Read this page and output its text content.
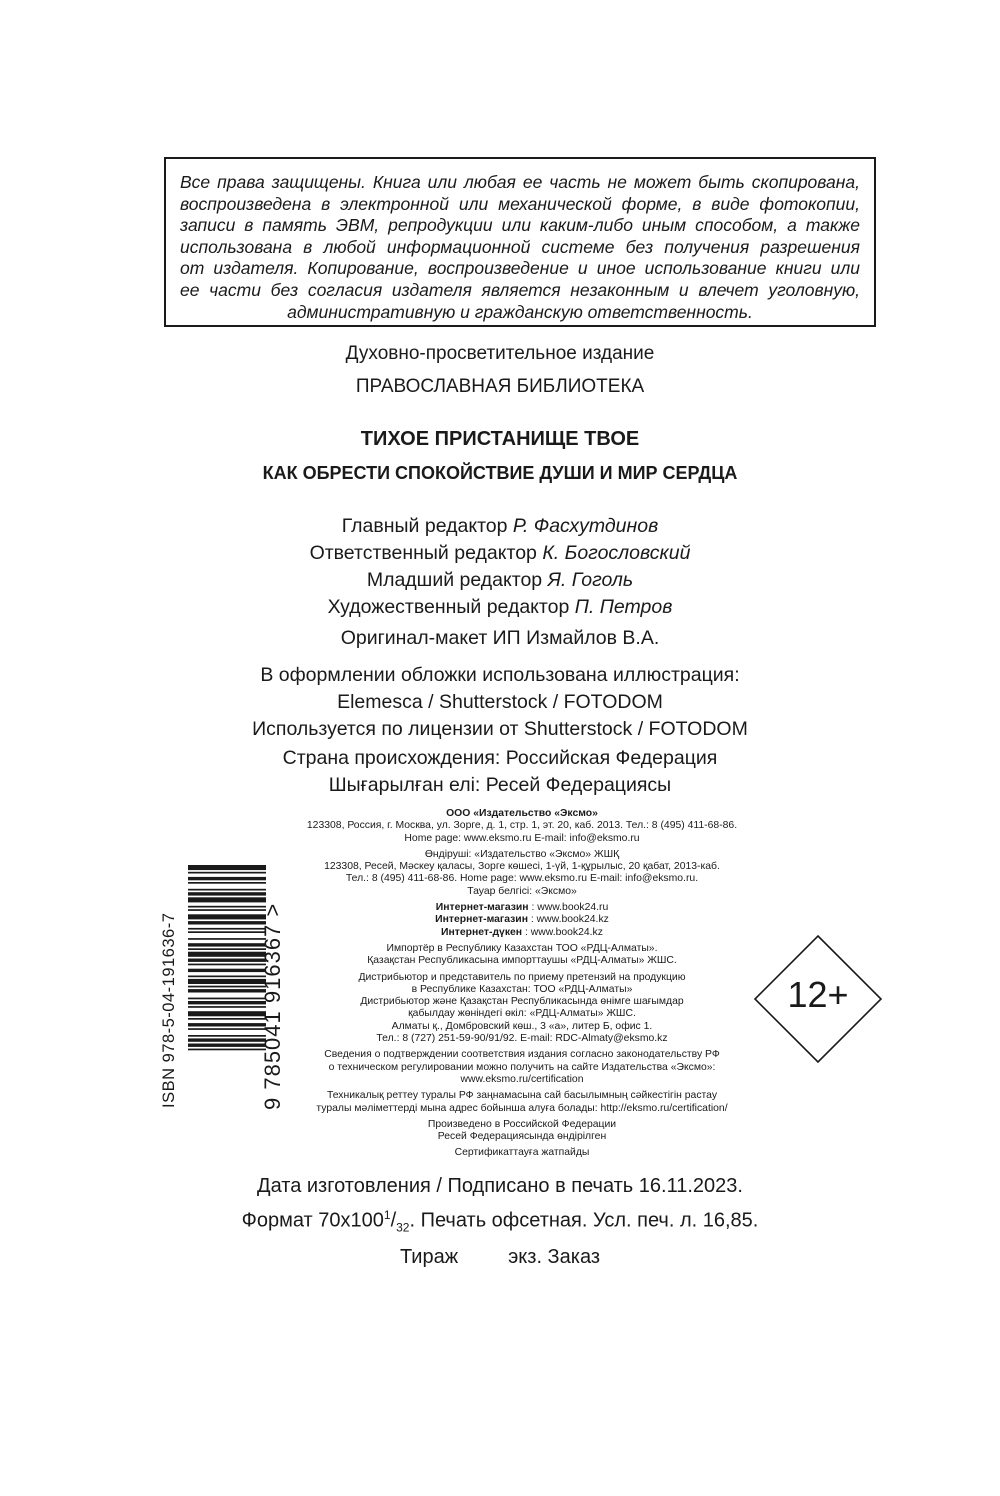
Все права защищены. Книга или любая ее часть не может быть скопирована,
воспроизведена в электронной или механической форме, в виде фотокопии,
записи в память ЭВМ, репродукции или каким-либо иным способом, а также
использована в любой информационной системе без получения разрешения
от издателя. Копирование, воспроизведение и иное использование книги или
ее части без согласия издателя является незаконным и влечет уголовную,
административную и гражданскую ответственность.
Духовно-просветительное издание
ПРАВОСЛАВНАЯ БИБЛИОТЕКА
ТИХОЕ ПРИСТАНИЩЕ ТВОЕ
КАК ОБРЕСТИ СПОКОЙСТВИЕ ДУШИ И МИР СЕРДЦА
Главный редактор Р. Фасхутдинов
Ответственный редактор К. Богословский
Младший редактор Я. Гоголь
Художественный редактор П. Петров
Оригинал-макет ИП Измайлов В.А.
В оформлении обложки использована иллюстрация:
Elemesca / Shutterstock / FOTODOM
Используется по лицензии от Shutterstock / FOTODOM
Страна происхождения: Российская Федерация
Шығарылған елі: Ресей Федерациясы
ООО «Издательство «Эксмо»
123308, Россия, г. Москва, ул. Зорге, д. 1, стр. 1, эт. 20, каб. 2013. Тел.: 8 (495) 411-68-86.
Home page: www.eksmo.ru E-mail: info@eksmo.ru
Өндіруші: «Издательство «Эксмо» ЖШҚ
123308, Ресей, Мәскеу қаласы, Зорге көшесі, 1-үй, 1-құрылыс, 20 қабат, 2013-каб.
Тел.: 8 (495) 411-68-86. Home page: www.eksmo.ru E-mail: info@eksmo.ru.
Тауар белгісі: «Эксмо»
Интернет-магазин : www.book24.ru
Интернет-магазин : www.book24.kz
Интернет-дүкен : www.book24.kz
Импортёр в Республику Казахстан ТОО «РДЦ-Алматы».
Қазақстан Республикасына импорттаушы «РДЦ-Алматы» ЖШС.
Дистрибьютор и представитель по приему претензий на продукцию
в Республике Казахстан: ТОО «РДЦ-Алматы»
Дистрибьютор және Қазақстан Республикасында өнімге шағымдар
қабылдау жөніндегі өкіл: «РДЦ-Алматы» ЖШС.
Алматы қ., Домбровский көш., 3 «а», литер Б, офис 1.
Тел.: 8 (727) 251-59-90/91/92. E-mail: RDC-Almaty@eksmo.kz
Сведения о подтверждении соответствия издания согласно законодательству РФ
о техническом регулировании можно получить на сайте Издательства «Эксмо»:
www.eksmo.ru/certification
Техникалық реттеу туралы РФ заңнамасына сай басылымның сәйкестігін растау
туралы мәліметтерді мына адрес бойынша алуға болады: http://eksmo.ru/certification/
Произведено в Российской Федерации
Ресей Федерациясында өндірілген
Сертификаттауға жатпайды
Дата изготовления / Подписано в печать 16.11.2023.
Формат $70х100^1/_{32}$. Печать офсетная. Усл. печ. л. 16,85.
Тираж         экз. Заказ
ISBN 978-5-04-191636-7	9 785041 916367 >	12+
